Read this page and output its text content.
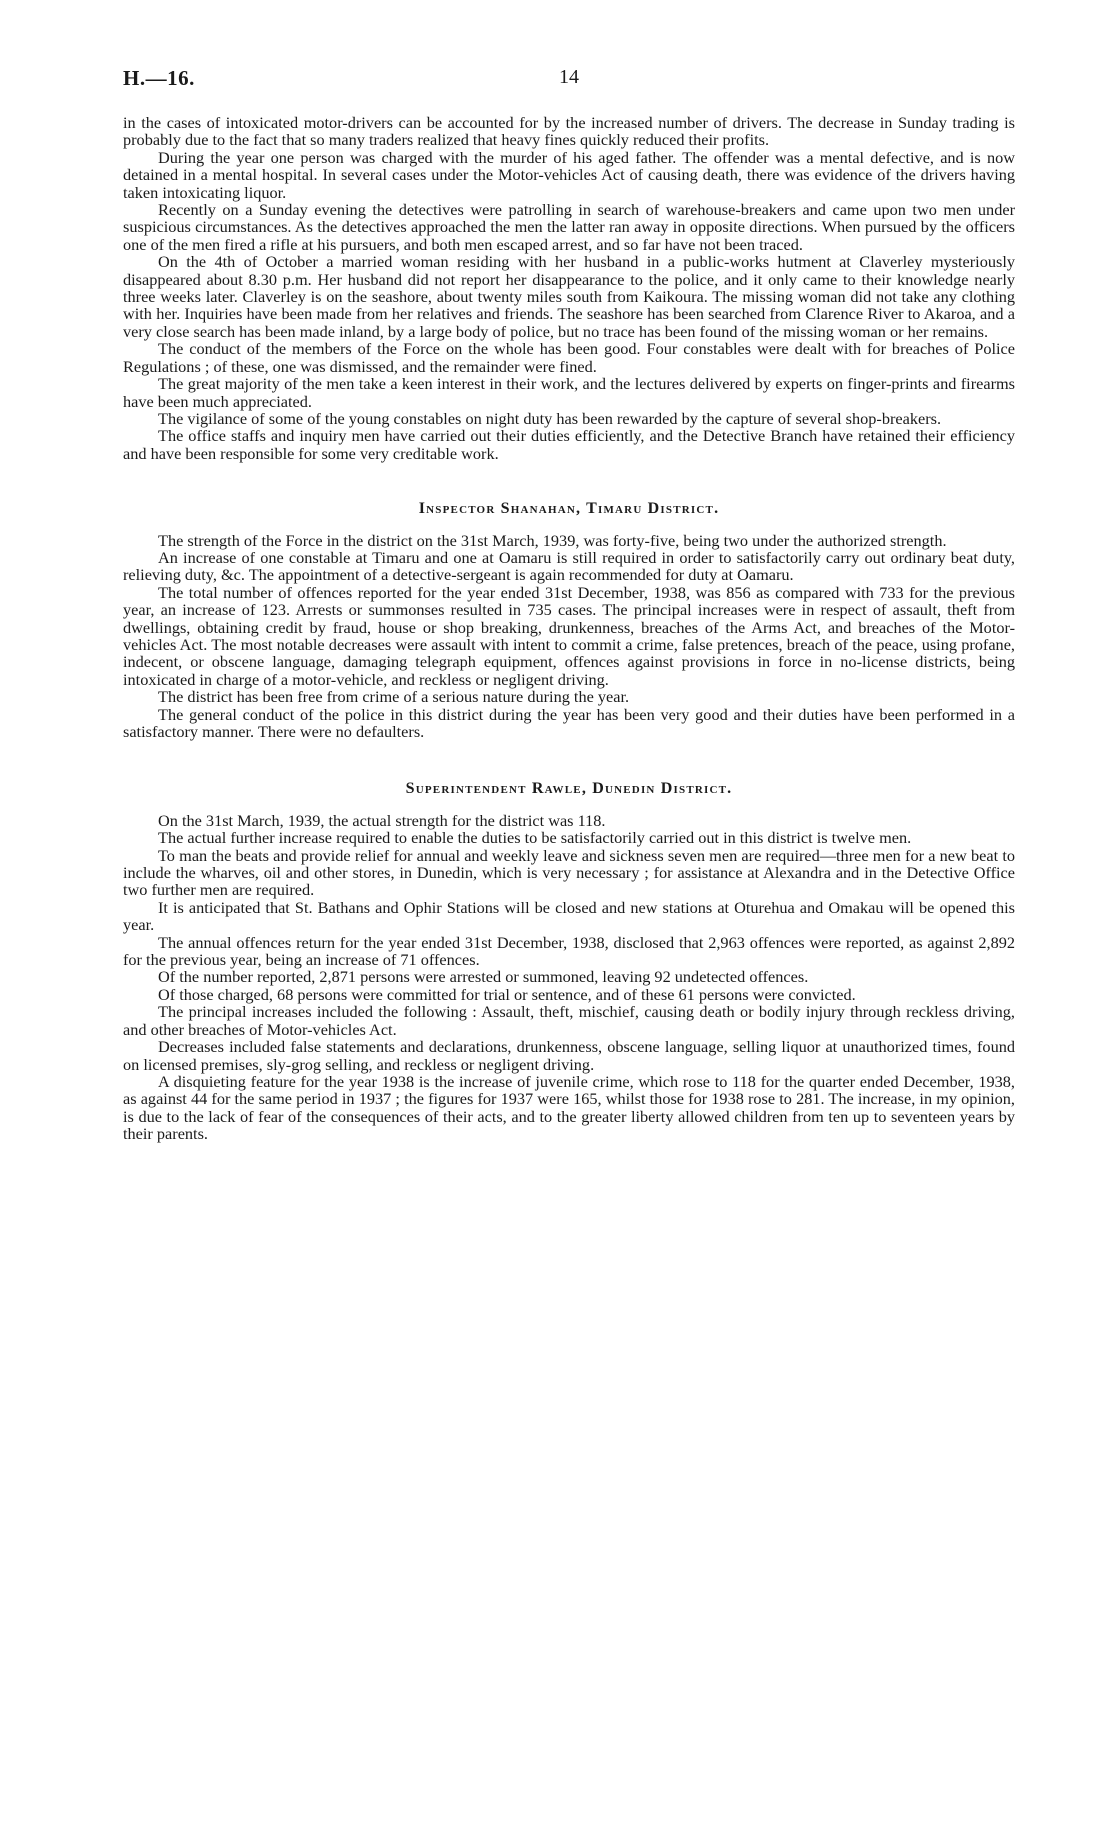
H.—16.	14

in the cases of intoxicated motor-drivers can be accounted for by the increased number of drivers. The decrease in Sunday trading is probably due to the fact that so many traders realized that heavy fines quickly reduced their profits.

During the year one person was charged with the murder of his aged father. The offender was a mental defective, and is now detained in a mental hospital. In several cases under the Motor-vehicles Act of causing death, there was evidence of the drivers having taken intoxicating liquor.

Recently on a Sunday evening the detectives were patrolling in search of warehouse-breakers and came upon two men under suspicious circumstances. As the detectives approached the men the latter ran away in opposite directions. When pursued by the officers one of the men fired a rifle at his pursuers, and both men escaped arrest, and so far have not been traced.

On the 4th of October a married woman residing with her husband in a public-works hutment at Claverley mysteriously disappeared about 8.30 p.m. Her husband did not report her disappearance to the police, and it only came to their knowledge nearly three weeks later. Claverley is on the seashore, about twenty miles south from Kaikoura. The missing woman did not take any clothing with her. Inquiries have been made from her relatives and friends. The seashore has been searched from Clarence River to Akaroa, and a very close search has been made inland, by a large body of police, but no trace has been found of the missing woman or her remains.

The conduct of the members of the Force on the whole has been good. Four constables were dealt with for breaches of Police Regulations ; of these, one was dismissed, and the remainder were fined.

The great majority of the men take a keen interest in their work, and the lectures delivered by experts on finger-prints and firearms have been much appreciated.

The vigilance of some of the young constables on night duty has been rewarded by the capture of several shop-breakers.

The office staffs and inquiry men have carried out their duties efficiently, and the Detective Branch have retained their efficiency and have been responsible for some very creditable work.

Inspector Shanahan, Timaru District.

The strength of the Force in the district on the 31st March, 1939, was forty-five, being two under the authorized strength.

An increase of one constable at Timaru and one at Oamaru is still required in order to satisfactorily carry out ordinary beat duty, relieving duty, &c. The appointment of a detective-sergeant is again recommended for duty at Oamaru.

The total number of offences reported for the year ended 31st December, 1938, was 856 as compared with 733 for the previous year, an increase of 123. Arrests or summonses resulted in 735 cases. The principal increases were in respect of assault, theft from dwellings, obtaining credit by fraud, house or shop breaking, drunkenness, breaches of the Arms Act, and breaches of the Motor-vehicles Act. The most notable decreases were assault with intent to commit a crime, false pretences, breach of the peace, using profane, indecent, or obscene language, damaging telegraph equipment, offences against provisions in force in no-license districts, being intoxicated in charge of a motor-vehicle, and reckless or negligent driving.

The district has been free from crime of a serious nature during the year.

The general conduct of the police in this district during the year has been very good and their duties have been performed in a satisfactory manner. There were no defaulters.

Superintendent Rawle, Dunedin District.

On the 31st March, 1939, the actual strength for the district was 118.

The actual further increase required to enable the duties to be satisfactorily carried out in this district is twelve men.

To man the beats and provide relief for annual and weekly leave and sickness seven men are required—three men for a new beat to include the wharves, oil and other stores, in Dunedin, which is very necessary ; for assistance at Alexandra and in the Detective Office two further men are required.

It is anticipated that St. Bathans and Ophir Stations will be closed and new stations at Oturehua and Omakau will be opened this year.

The annual offences return for the year ended 31st December, 1938, disclosed that 2,963 offences were reported, as against 2,892 for the previous year, being an increase of 71 offences.

Of the number reported, 2,871 persons were arrested or summoned, leaving 92 undetected offences.

Of those charged, 68 persons were committed for trial or sentence, and of these 61 persons were convicted.

The principal increases included the following : Assault, theft, mischief, causing death or bodily injury through reckless driving, and other breaches of Motor-vehicles Act.

Decreases included false statements and declarations, drunkenness, obscene language, selling liquor at unauthorized times, found on licensed premises, sly-grog selling, and reckless or negligent driving.

A disquieting feature for the year 1938 is the increase of juvenile crime, which rose to 118 for the quarter ended December, 1938, as against 44 for the same period in 1937 ; the figures for 1937 were 165, whilst those for 1938 rose to 281. The increase, in my opinion, is due to the lack of fear of the consequences of their acts, and to the greater liberty allowed children from ten up to seventeen years by their parents.
